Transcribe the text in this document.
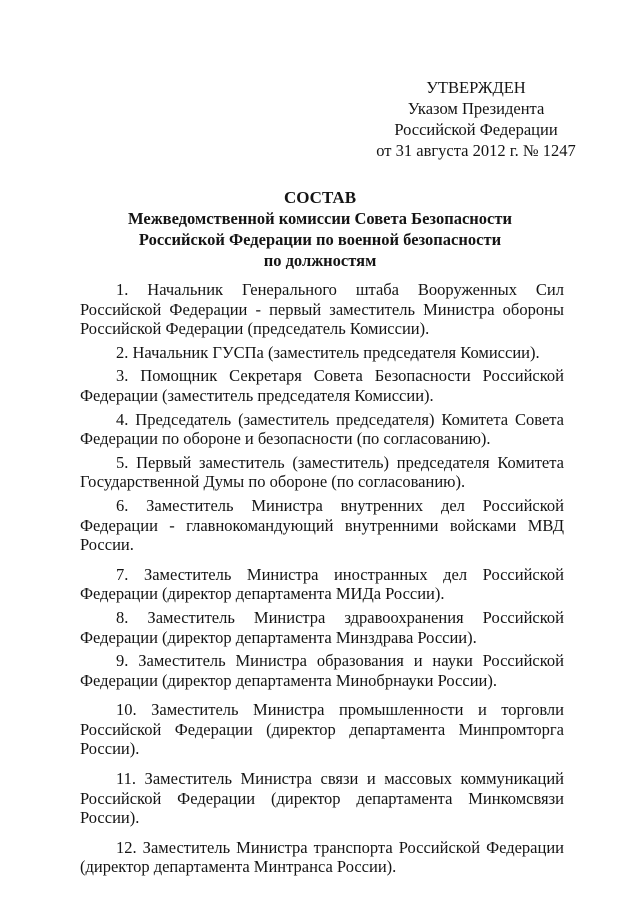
УТВЕРЖДЕН
Указом Президента
Российской Федерации
от 31 августа 2012 г. № 1247
СОСТАВ
Межведомственной комиссии Совета Безопасности
Российской Федерации по военной безопасности
по должностям

1. Начальник Генерального штаба Вооруженных Сил Российской Федерации - первый заместитель Министра обороны Российской Федерации (председатель Комиссии).

2. Начальник ГУСПа (заместитель председателя Комиссии).

3. Помощник Секретаря Совета Безопасности Российской Федерации (заместитель председателя Комиссии).

4. Председатель (заместитель председателя) Комитета Совета Федерации по обороне и безопасности (по согласованию).

5. Первый заместитель (заместитель) председателя Комитета Государственной Думы по обороне (по согласованию).

6. Заместитель Министра внутренних дел Российской Федерации - главнокомандующий внутренними войсками МВД России.

7. Заместитель Министра иностранных дел Российской Федерации (директор департамента МИДа России).

8. Заместитель Министра здравоохранения Российской Федерации (директор департамента Минздрава России).

9. Заместитель Министра образования и науки Российской Федерации (директор департамента Минобрнауки России).

10. Заместитель Министра промышленности и торговли Российской Федерации (директор департамента Минпромторга России).

11. Заместитель Министра связи и массовых коммуникаций Российской Федерации (директор департамента Минкомсвязи России).

12. Заместитель Министра транспорта Российской Федерации (директор департамента Минтранса России).
